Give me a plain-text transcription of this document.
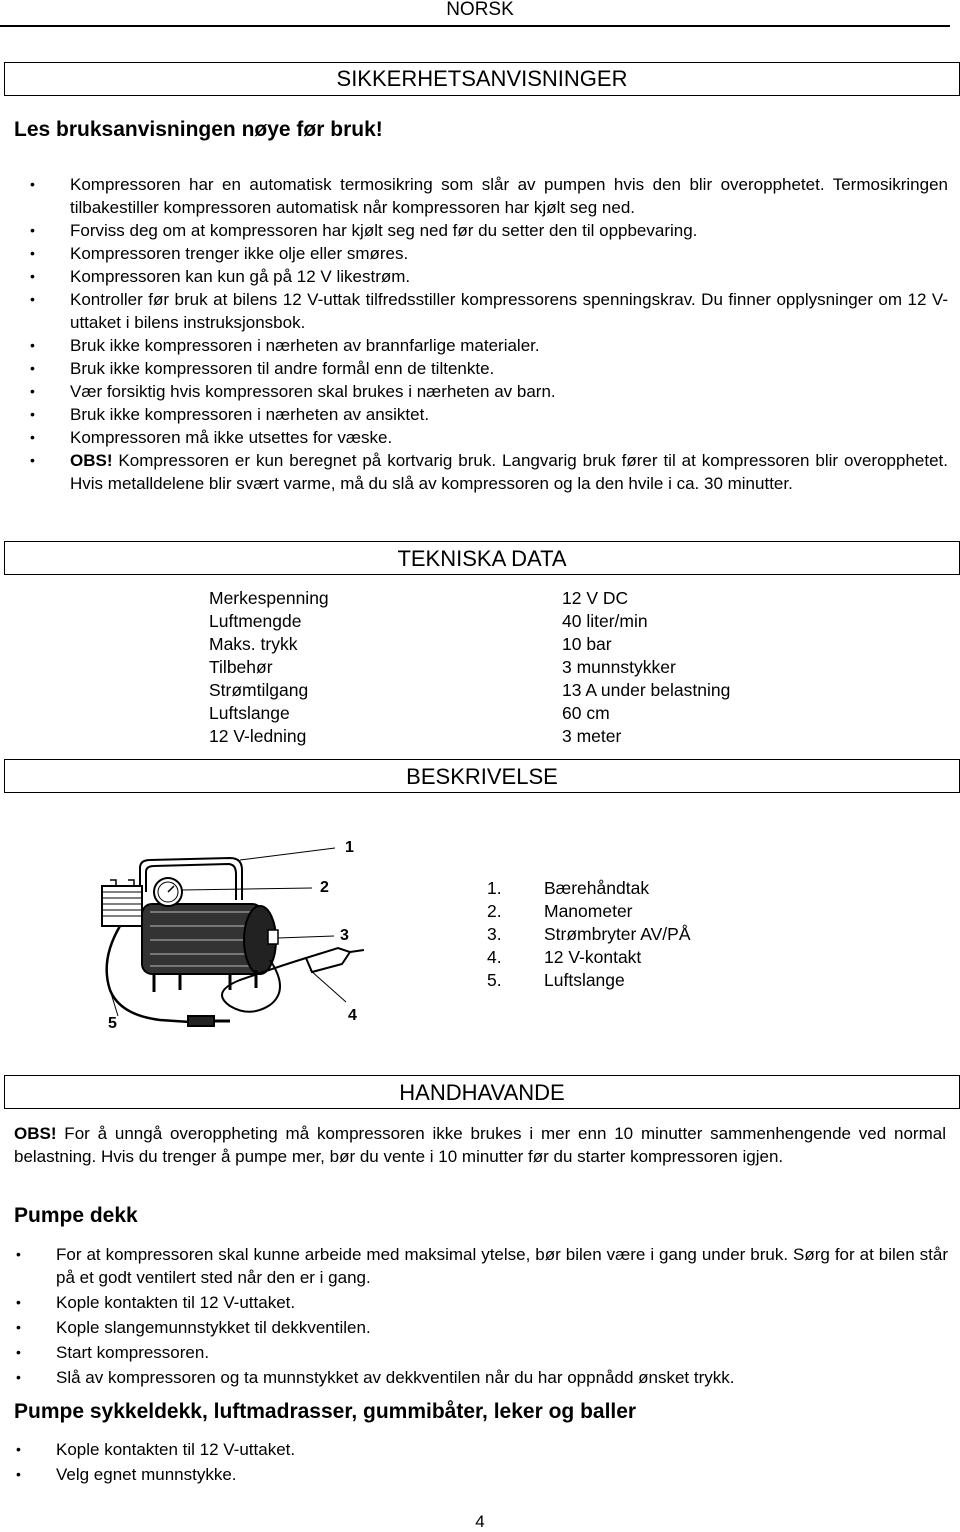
NORSK
SIKKERHETSANVISNINGER
Les bruksanvisningen nøye før bruk!
• Kompressoren har en automatisk termosikring som slår av pumpen hvis den blir overopphetet. Termosikringen tilbakestiller kompressoren automatisk når kompressoren har kjølt seg ned.
• Forviss deg om at kompressoren har kjølt seg ned før du setter den til oppbevaring.
• Kompressoren trenger ikke olje eller smøres.
• Kompressoren kan kun gå på 12 V likestrøm.
• Kontroller før bruk at bilens 12 V-uttak tilfredsstiller kompressorens spenningskrav. Du finner opplysninger om 12 V-uttaket i bilens instruksjonsbok.
• Bruk ikke kompressoren i nærheten av brannfarlige materialer.
• Bruk ikke kompressoren til andre formål enn de tiltenkte.
• Vær forsiktig hvis kompressoren skal brukes i nærheten av barn.
• Bruk ikke kompressoren i nærheten av ansiktet.
• Kompressoren må ikke utsettes for væske.
• OBS! Kompressoren er kun beregnet på kortvarig bruk. Langvarig bruk fører til at kompressoren blir overopphetet. Hvis metalldelene blir svært varme, må du slå av kompressoren og la den hvile i ca. 30 minutter.
TEKNISKA DATA
Merkespenning
Luftmengde
Maks. trykk
Tilbehør
Strømtilgang
Luftslange
12 V-ledning
12 V DC
40 liter/min
10 bar
3 munnstykker
13 A under belastning
60 cm
3 meter
BESKRIVELSE
1
2
3
4
5
1. Bærehåndtak
2. Manometer
3. Strømbryter AV/PÅ
4. 12 V-kontakt
5. Luftslange
HANDHAVANDE
OBS! For å unngå overoppheting må kompressoren ikke brukes i mer enn 10 minutter sammenhengende ved normal belastning. Hvis du trenger å pumpe mer, bør du vente i 10 minutter før du starter kompressoren igjen.
Pumpe dekk
• For at kompressoren skal kunne arbeide med maksimal ytelse, bør bilen være i gang under bruk. Sørg for at bilen står på et godt ventilert sted når den er i gang.
• Kople kontakten til 12 V-uttaket.
• Kople slangemunnstykket til dekkventilen.
• Start kompressoren.
• Slå av kompressoren og ta munnstykket av dekkventilen når du har oppnådd ønsket trykk.
Pumpe sykkeldekk, luftmadrasser, gummibåter, leker og baller
• Kople kontakten til 12 V-uttaket.
• Velg egnet munnstykke.
4
